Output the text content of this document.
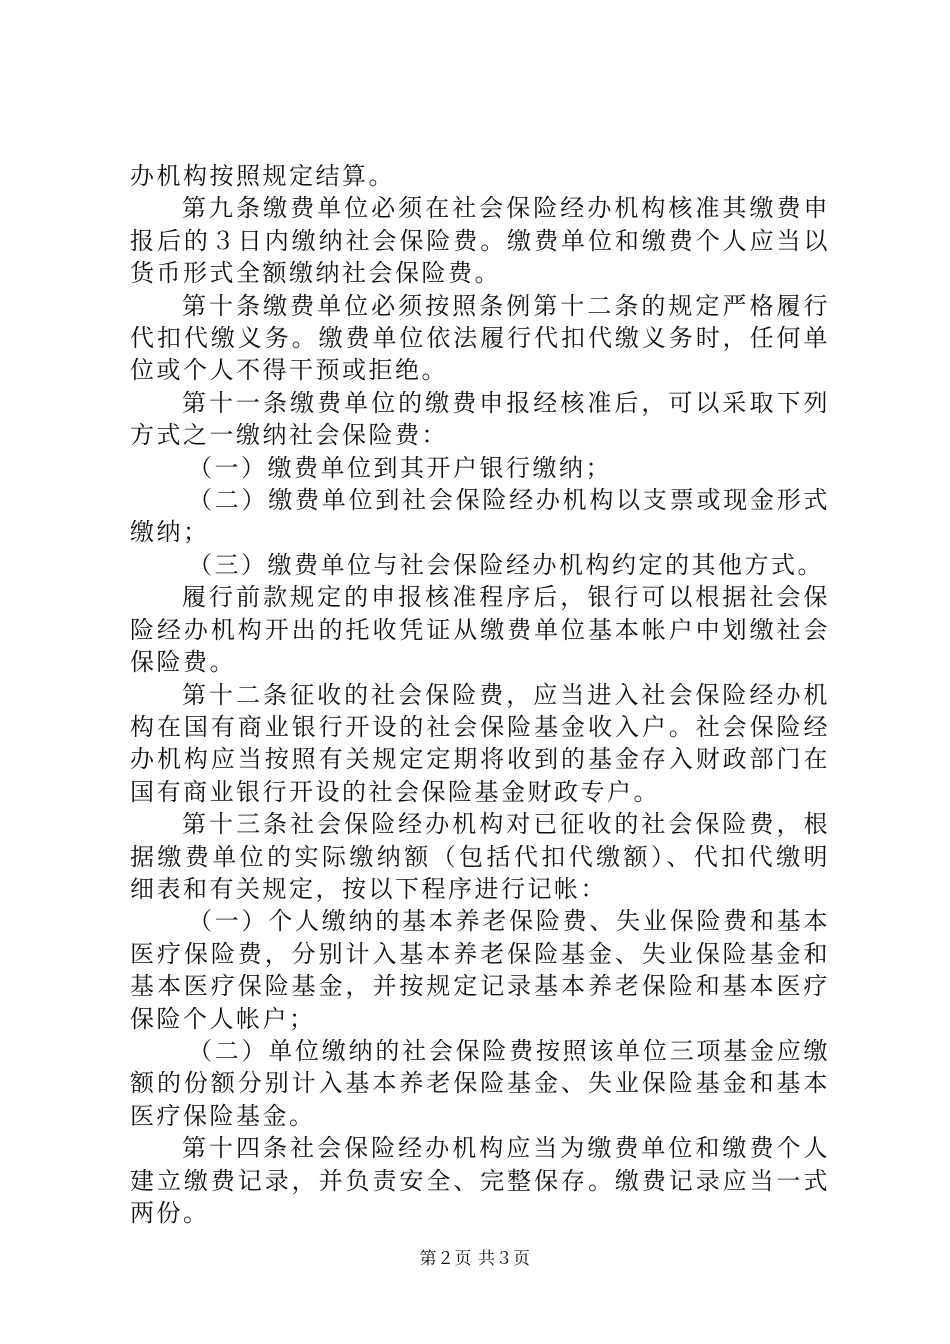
办机构按照规定结算。

第九条缴费单位必须在社会保险经办机构核准其缴费申报后的３日内缴纳社会保险费。缴费单位和缴费个人应当以货币形式全额缴纳社会保险费。

第十条缴费单位必须按照条例第十二条的规定严格履行代扣代缴义务。缴费单位依法履行代扣代缴义务时，任何单位或个人不得干预或拒绝。

第十一条缴费单位的缴费申报经核准后，可以采取下列方式之一缴纳社会保险费：

（一）缴费单位到其开户银行缴纳；

（二）缴费单位到社会保险经办机构以支票或现金形式缴纳；

（三）缴费单位与社会保险经办机构约定的其他方式。

履行前款规定的申报核准程序后，银行可以根据社会保险经办机构开出的托收凭证从缴费单位基本帐户中划缴社会保险费。

第十二条征收的社会保险费，应当进入社会保险经办机构在国有商业银行开设的社会保险基金收入户。社会保险经办机构应当按照有关规定定期将收到的基金存入财政部门在国有商业银行开设的社会保险基金财政专户。

第十三条社会保险经办机构对已征收的社会保险费，根据缴费单位的实际缴纳额（包括代扣代缴额）、代扣代缴明细表和有关规定，按以下程序进行记帐：

（一）个人缴纳的基本养老保险费、失业保险费和基本医疗保险费，分别计入基本养老保险基金、失业保险基金和基本医疗保险基金，并按规定记录基本养老保险和基本医疗保险个人帐户；

（二）单位缴纳的社会保险费按照该单位三项基金应缴额的份额分别计入基本养老保险基金、失业保险基金和基本医疗保险基金。

第十四条社会保险经办机构应当为缴费单位和缴费个人建立缴费记录，并负责安全、完整保存。缴费记录应当一式两份。

第２页 共３页
